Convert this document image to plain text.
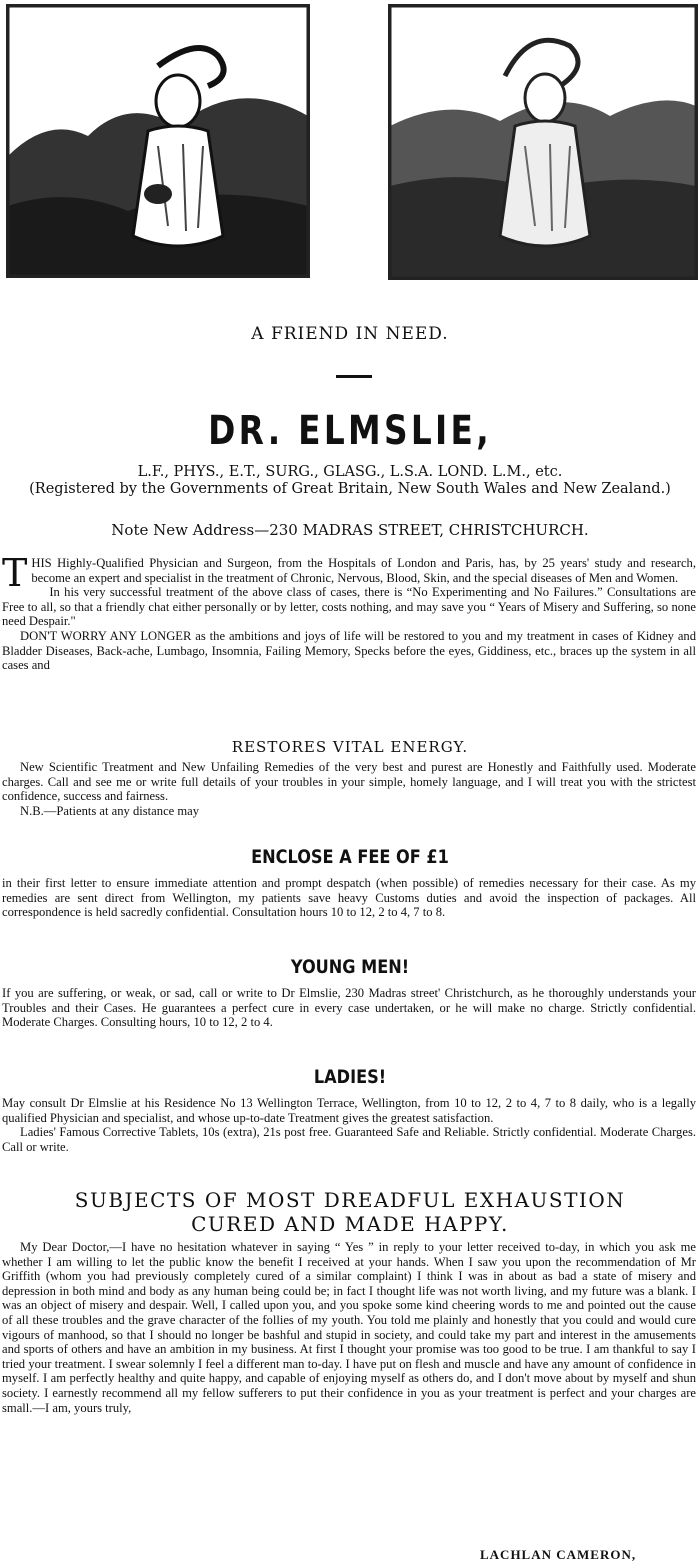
A FRIEND IN NEED.
DR. ELMSLIE,
L.F., PHYS., E.T., SURG., GLASG., L.S.A. LOND. L.M., etc.
(Registered by the Governments of Great Britain, New South Wales and New Zealand.)
Note New Address—230 MADRAS STREET, CHRISTCHURCH.

THIS Highly-Qualified Physician and Surgeon, from the Hospitals of London and Paris, has, by 25 years' study and research, become an expert and specialist in the treatment of Chronic, Nervous, Blood, Skin, and the special diseases of Men and Women.

In his very successful treatment of the above class of cases, there is “No Experimenting and No Failures.” Consultations are Free to all, so that a friendly chat either personally or by letter, costs nothing, and may save you “ Years of Misery and Suffering, so none need Despair."

DON'T WORRY ANY LONGER as the ambitions and joys of life will be restored to you and my treatment in cases of Kidney and Bladder Diseases, Back-ache, Lumbago, Insomnia, Failing Memory, Specks before the eyes, Giddiness, etc., braces up the system in all cases and

RESTORES VITAL ENERGY.

New Scientific Treatment and New Unfailing Remedies of the very best and purest are Honestly and Faithfully used. Moderate charges. Call and see me or write full details of your troubles in your simple, homely language, and I will treat you with the strictest confidence, success and fairness.

N.B.—Patients at any distance may

ENCLOSE A FEE OF £1

in their first letter to ensure immediate attention and prompt despatch (when possible) of remedies necessary for their case. As my remedies are sent direct from Wellington, my patients save heavy Customs duties and avoid the inspection of packages. All correspondence is held sacredly confidential. Consultation hours 10 to 12, 2 to 4, 7 to 8.

YOUNG MEN!

If you are suffering, or weak, or sad, call or write to Dr Elmslie, 230 Madras street' Christchurch, as he thoroughly understands your Troubles and their Cases. He guarantees a perfect cure in every case undertaken, or he will make no charge. Strictly confidential. Moderate Charges. Consulting hours, 10 to 12, 2 to 4.

LADIES!

May consult Dr Elmslie at his Residence No 13 Wellington Terrace, Wellington, from 10 to 12, 2 to 4, 7 to 8 daily, who is a legally qualified Physician and specialist, and whose up-to-date Treatment gives the greatest satisfaction.

Ladies' Famous Corrective Tablets, 10s (extra), 21s post free. Guaranteed Safe and Reliable. Strictly confidential. Moderate Charges. Call or write.

SUBJECTS OF MOST DREADFUL EXHAUSTION
CURED AND MADE HAPPY.

My Dear Doctor,—I have no hesitation whatever in saying “ Yes ” in reply to your letter received to-day, in which you ask me whether I am willing to let the public know the benefit I received at your hands. When I saw you upon the recommendation of Mr Griffith (whom you had previously completely cured of a similar complaint) I think I was in about as bad a state of misery and depression in both mind and body as any human being could be; in fact I thought life was not worth living, and my future was a blank. I was an object of misery and despair. Well, I called upon you, and you spoke some kind cheering words to me and pointed out the cause of all these troubles and the grave character of the follies of my youth. You told me plainly and honestly that you could and would cure vigours of manhood, so that I should no longer be bashful and stupid in society, and could take my part and interest in the amusements and sports of others and have an ambition in my business. At first I thought your promise was too good to be true. I am thankful to say I tried your treatment. I swear solemnly I feel a different man to-day. I have put on flesh and muscle and have any amount of confidence in myself. I am perfectly healthy and quite happy, and capable of enjoying myself as others do, and I don't move about by myself and shun society. I earnestly recommend all my fellow sufferers to put their confidence in you as your treatment is perfect and your charges are small.—I am, yours truly,

LACHLAN CAMERON,
